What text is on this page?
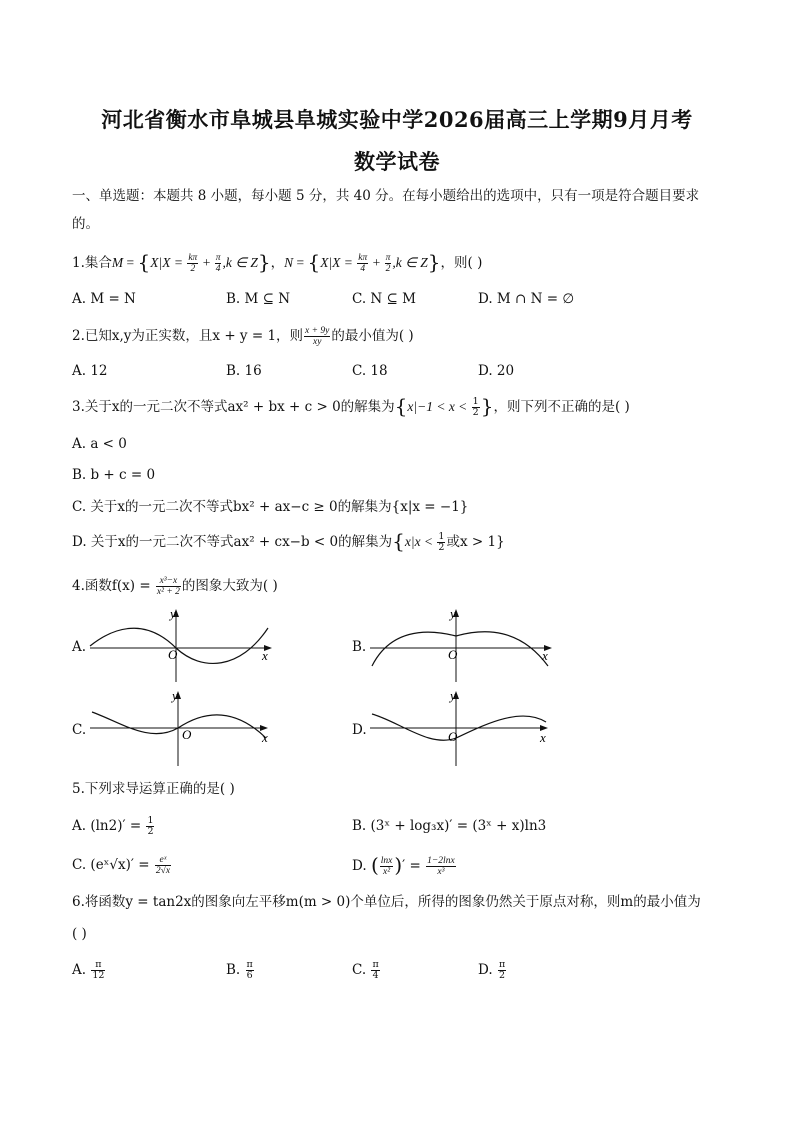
河北省衡水市阜城县阜城实验中学2026届高三上学期9月月考
数学试卷
一、单选题：本题共 8 小题，每小题 5 分，共 40 分。在每小题给出的选项中，只有一项是符合题目要求
的。
1.集合$M = \{X|X = \frac{k\pi}{2} + \frac{\pi}{4} ,k$ ∈ Z}，$N = \{X|X = \frac{k\pi}{4} + \frac{\pi}{2} ,k$ ∈ Z}，则( )
A. M = N	B. M ⊆ N	C. N ⊆ M	D. M ∩ N = ∅
2.已知x,y为正实数，且x + y = 1，则 $\frac{x + 9y}{xy}$ 的最小值为( )
A. 12	B. 16	C. 18	D. 20
3.关于x的一元二次不等式ax² + bx + c > 0的解集为{$x|-1 < x < \frac{1}{2}$ }，则下列不正确的是( )
A. a < 0
B. b + c = 0
C. 关于x的一元二次不等式bx² + ax−c ≥ 0的解集为{x|x = −1}
D. 关于x的一元二次不等式ax² + cx−b < 0的解集为{$x|x < \frac{1}{2}$ 或x > 1}
4.函数$f(x) = \frac{\text{x³−x}}{\text{x² + 2}}$ 的图象大致为( )
A.	B.
C.	D.
y
x
O
y
x
O
y
x
O
y
x
O
5.下列求导运算正确的是( )
A. $(\ln 2)' = \frac{1}{2}$	B. (3ˣ + log₃x)′ = (3ˣ + x)ln3
C. (eˣ√x)′ = $\frac{\text{eˣ}}{2√x}$	D. ( $\frac{\ln x}{\text{x²}}$ )′ = $\frac{1-2\ln x}{\text{x³}}$
6.将函数y = tan2x的图象向左平移m(m > 0)个单位后，所得的图象仍然关于原点对称，则m的最小值为
( )
A. $\frac{\pi}{12}$	B. $\frac{\pi}{6}$	C. $\frac{\pi}{4}$	D. $\frac{\pi}{2}$
